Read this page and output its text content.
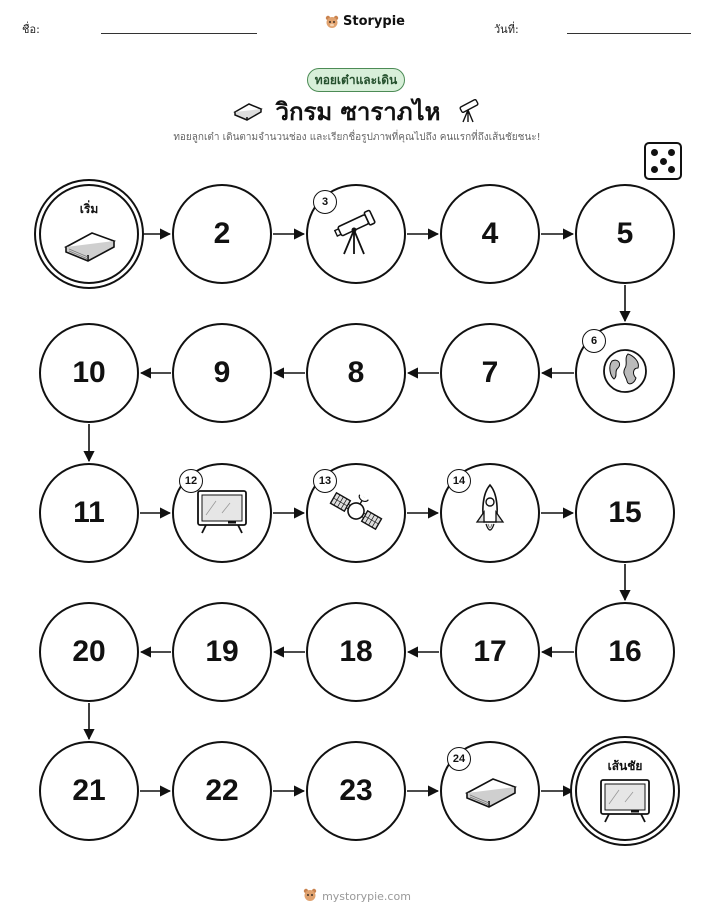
ชื่อ:
Storypie
วันที่:
ทอยเต๋าและเดิน
วิกรม ซาราภไห
ทอยลูกเต๋า เดินตามจำนวนช่อง และเรียกชื่อรูปภาพที่คุณไปถึง คนแรกที่ถึงเส้นชัยชนะ!
เริ่ม
2
3
4	5
6
7
8
9
10
11
12	13	14
15
16
17
18
19
20
21	22	23
24	เส้นชัย
mystorypie.com
